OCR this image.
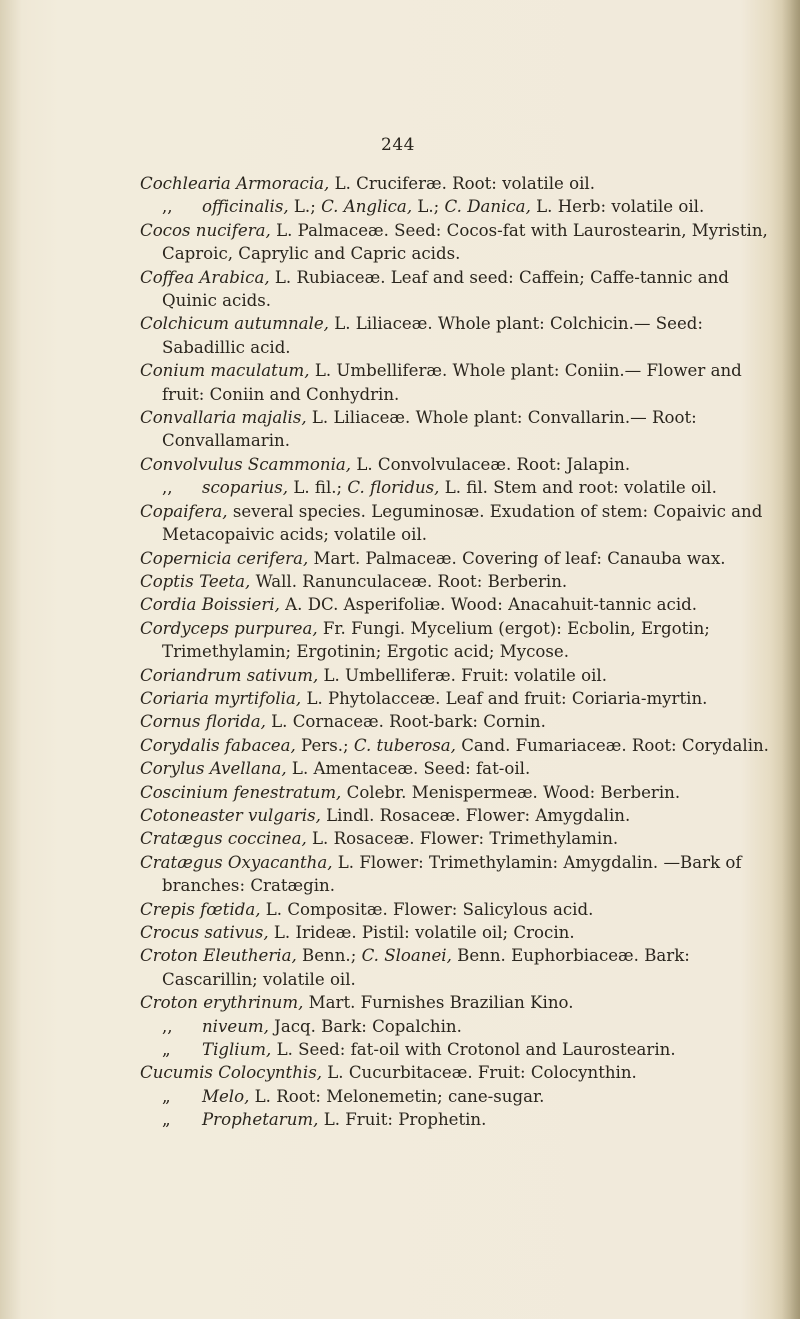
244

Cochlearia Armoracia, L. Cruciferæ. Root: volatile oil.

,, officinalis, L.; C. Anglica, L.; C. Danica, L. Herb: volatile oil.

Cocos nucifera, L. Palmaceæ. Seed: Cocos-fat with Laurostearin, Myristin, Caproic, Caprylic and Capric acids.

Coffea Arabica, L. Rubiaceæ. Leaf and seed: Caffein; Caffe-tannic and Quinic acids.

Colchicum autumnale, L. Liliaceæ. Whole plant: Colchicin.— Seed: Sabadillic acid.

Conium maculatum, L. Umbelliferæ. Whole plant: Coniin.— Flower and fruit: Coniin and Conhydrin.

Convallaria majalis, L. Liliaceæ. Whole plant: Convallarin.— Root: Convallamarin.

Convolvulus Scammonia, L. Convolvulaceæ. Root: Jalapin.

,, scoparius, L. fil.; C. floridus, L. fil. Stem and root: volatile oil.

Copaifera, several species. Leguminosæ. Exudation of stem: Copaivic and Metacopaivic acids; volatile oil.

Copernicia cerifera, Mart. Palmaceæ. Covering of leaf: Canauba wax.

Coptis Teeta, Wall. Ranunculaceæ. Root: Berberin.

Cordia Boissieri, A. DC. Asperifoliæ. Wood: Anacahuit-tannic acid.

Cordyceps purpurea, Fr. Fungi. Mycelium (ergot): Ecbolin, Ergotin; Trimethylamin; Ergotinin; Ergotic acid; Mycose.

Coriandrum sativum, L. Umbelliferæ. Fruit: volatile oil.

Coriaria myrtifolia, L. Phytolacceæ. Leaf and fruit: Coriaria-myrtin.

Cornus florida, L. Cornaceæ. Root-bark: Cornin.

Corydalis fabacea, Pers.; C. tuberosa, Cand. Fumariaceæ. Root: Corydalin.

Corylus Avellana, L. Amentaceæ. Seed: fat-oil.

Coscinium fenestratum, Colebr. Menispermeæ. Wood: Berberin.

Cotoneaster vulgaris, Lindl. Rosaceæ. Flower: Amygdalin.

Cratægus coccinea, L. Rosaceæ. Flower: Trimethylamin.

Cratægus Oxyacantha, L. Flower: Trimethylamin: Amygdalin. —Bark of branches: Cratægin.

Crepis fœtida, L. Compositæ. Flower: Salicylous acid.

Crocus sativus, L. Irideæ. Pistil: volatile oil; Crocin.

Croton Eleutheria, Benn.; C. Sloanei, Benn. Euphorbiaceæ. Bark: Cascarillin; volatile oil.

Croton erythrinum, Mart. Furnishes Brazilian Kino.

,, niveum, Jacq. Bark: Copalchin.

„ Tiglium, L. Seed: fat-oil with Crotonol and Laurostearin.

Cucumis Colocynthis, L. Cucurbitaceæ. Fruit: Colocynthin.

„ Melo, L. Root: Melonemetin; cane-sugar.

„ Prophetarum, L. Fruit: Prophetin.
